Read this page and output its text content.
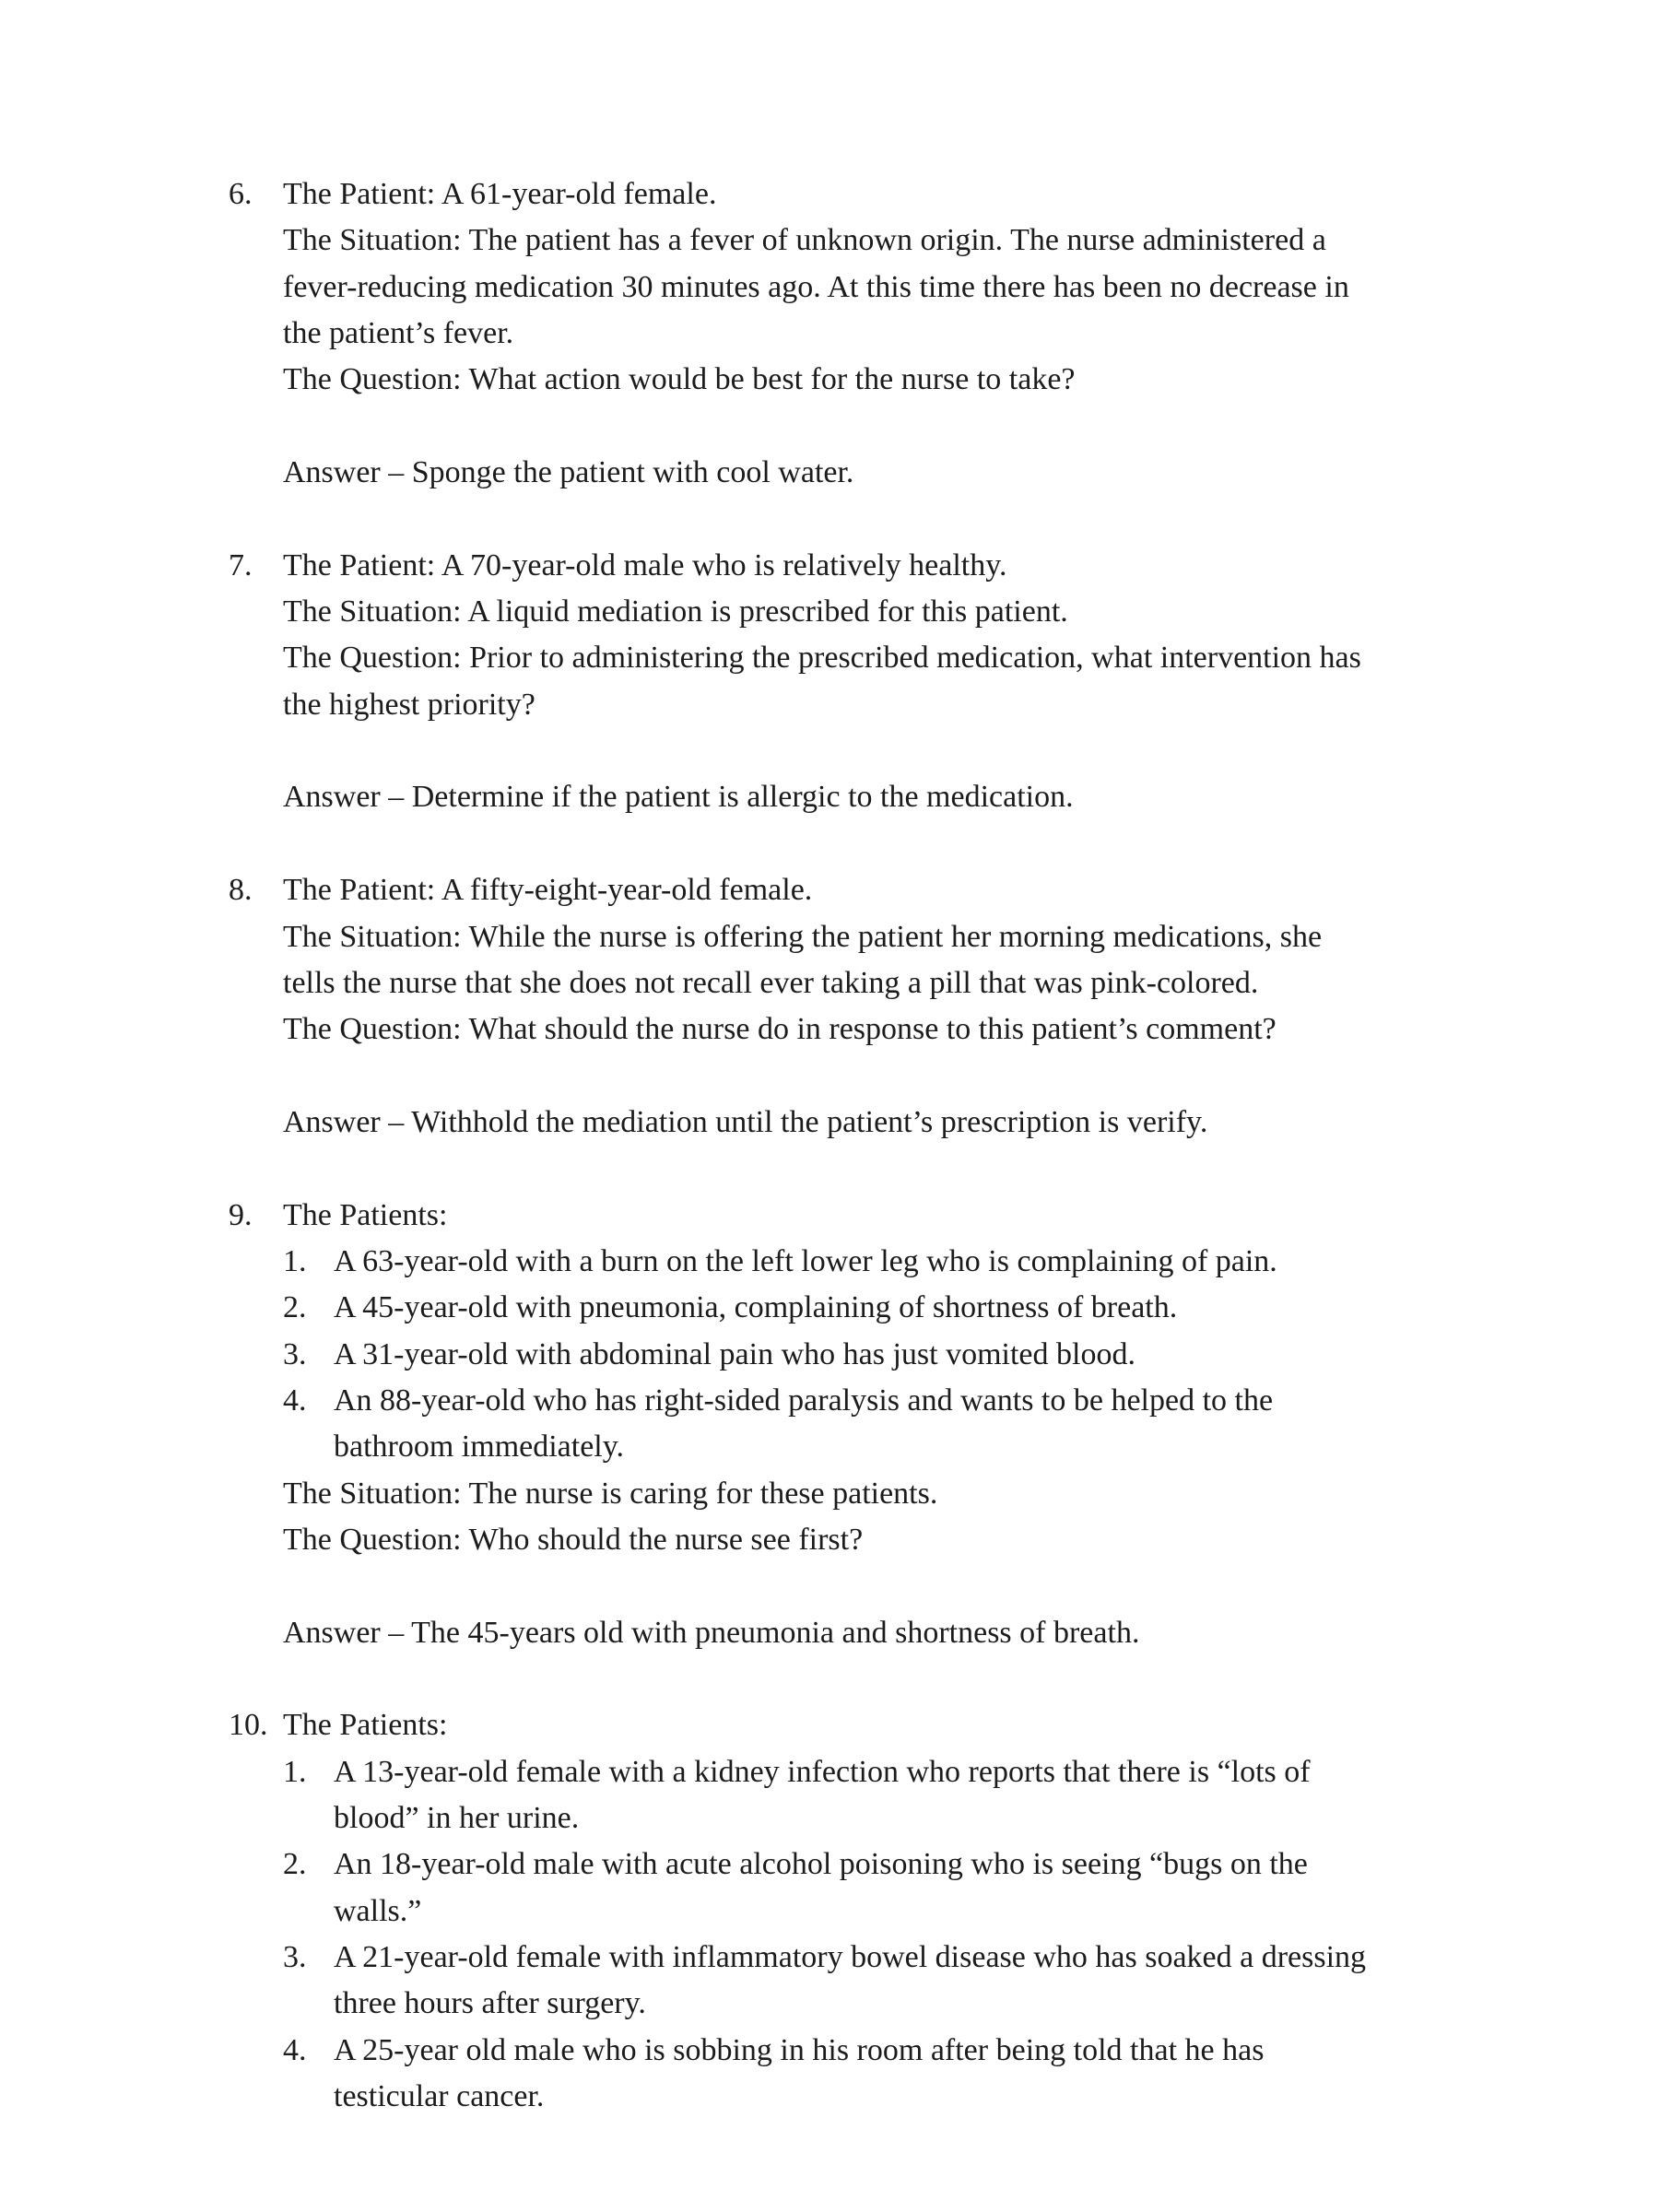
6. The Patient: A 61-year-old female.
The Situation: The patient has a fever of unknown origin. The nurse administered a
fever-reducing medication 30 minutes ago. At this time there has been no decrease in
the patient’s fever.
The Question: What action would be best for the nurse to take?
Answer – Sponge the patient with cool water.
7. The Patient: A 70-year-old male who is relatively healthy.
The Situation: A liquid mediation is prescribed for this patient.
The Question: Prior to administering the prescribed medication, what intervention has
the highest priority?
Answer – Determine if the patient is allergic to the medication.
8. The Patient: A fifty-eight-year-old female.
The Situation: While the nurse is offering the patient her morning medications, she
tells the nurse that she does not recall ever taking a pill that was pink-colored.
The Question: What should the nurse do in response to this patient’s comment?
Answer – Withhold the mediation until the patient’s prescription is verify.
9. The Patients:
1. A 63-year-old with a burn on the left lower leg who is complaining of pain.
2. A 45-year-old with pneumonia, complaining of shortness of breath.
3. A 31-year-old with abdominal pain who has just vomited blood.
4. An 88-year-old who has right-sided paralysis and wants to be helped to the
bathroom immediately.
The Situation: The nurse is caring for these patients.
The Question: Who should the nurse see first?
Answer – The 45-years old with pneumonia and shortness of breath.
10. The Patients:
1. A 13-year-old female with a kidney infection who reports that there is “lots of
blood” in her urine.
2. An 18-year-old male with acute alcohol poisoning who is seeing “bugs on the
walls.”
3. A 21-year-old female with inflammatory bowel disease who has soaked a dressing
three hours after surgery.
4. A 25-year old male who is sobbing in his room after being told that he has
testicular cancer.
